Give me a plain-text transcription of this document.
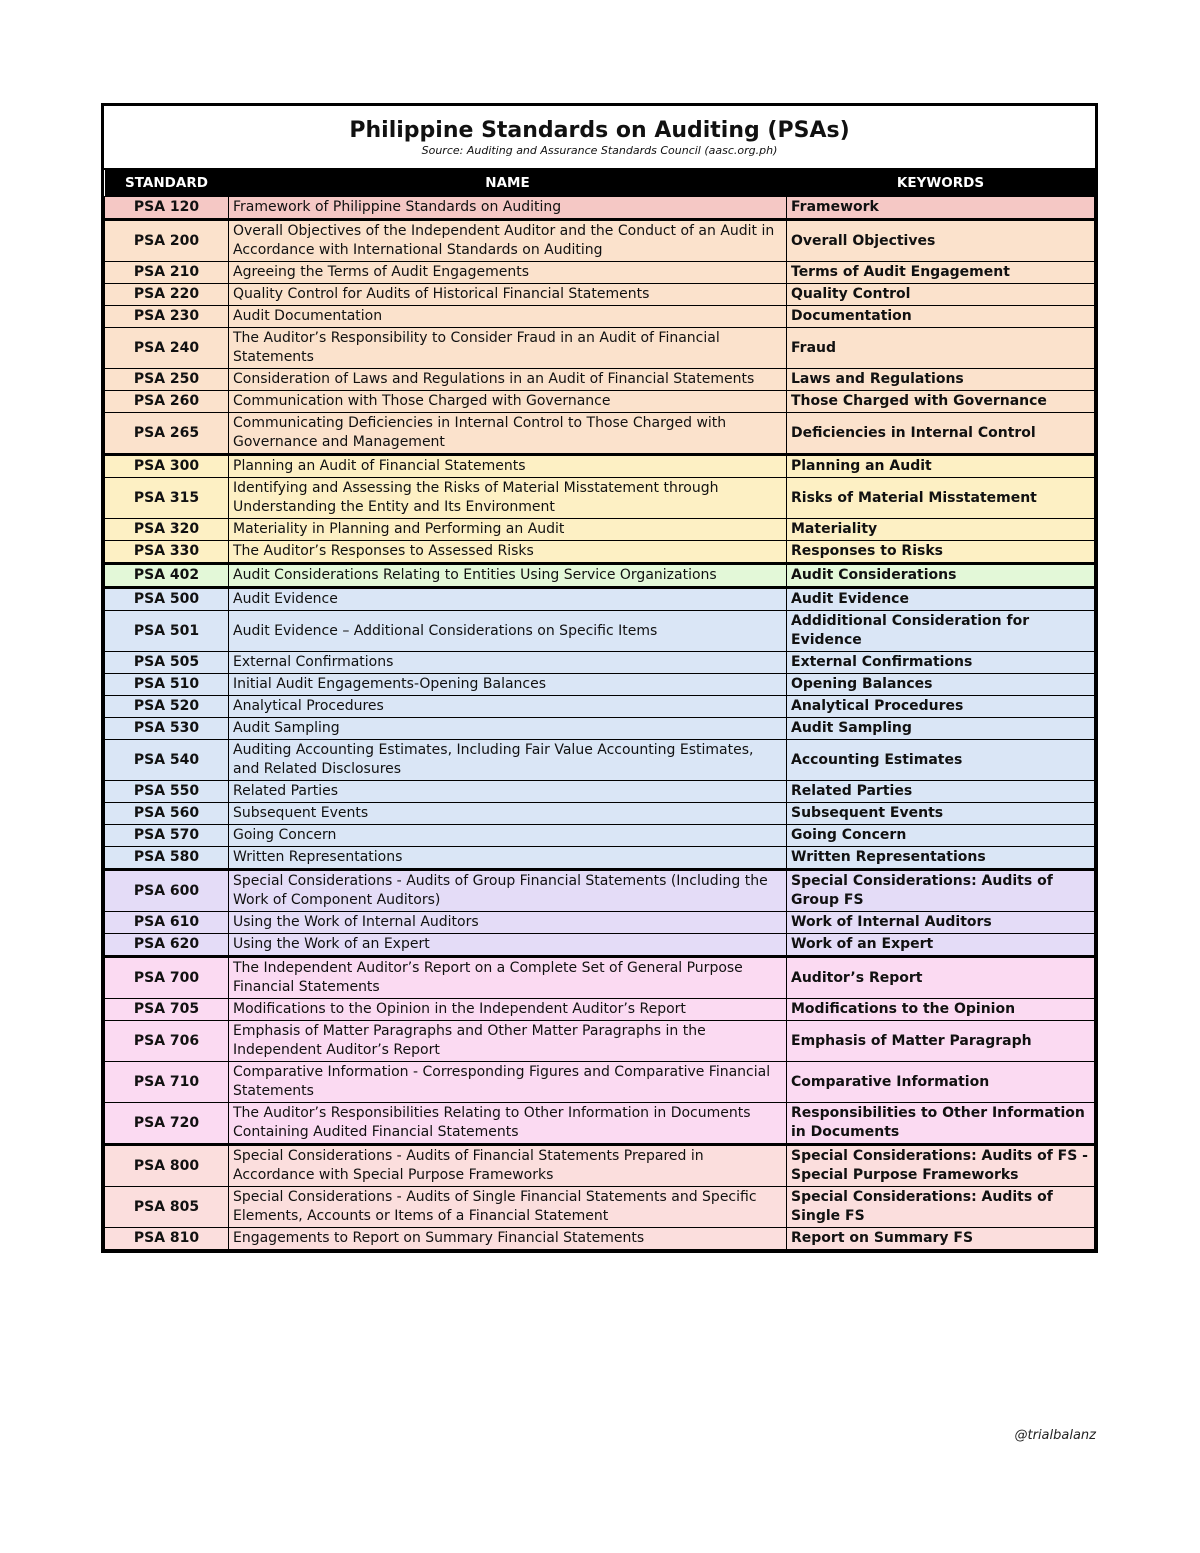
Philippine Standards on Auditing (PSAs)
Source: Auditing and Assurance Standards Council (aasc.org.ph)
STANDARD	NAME	KEYWORDS
PSA 120	Framework of Philippine Standards on Auditing	Framework
PSA 200	Overall Objectives of the Independent Auditor and the Conduct of an Audit in Accordance with International Standards on Auditing	Overall Objectives
PSA 210	Agreeing the Terms of Audit Engagements	Terms of Audit Engagement
PSA 220	Quality Control for Audits of Historical Financial Statements	Quality Control
PSA 230	Audit Documentation	Documentation
PSA 240	The Auditor’s Responsibility to Consider Fraud in an Audit of Financial Statements	Fraud
PSA 250	Consideration of Laws and Regulations in an Audit of Financial Statements	Laws and Regulations
PSA 260	Communication with Those Charged with Governance	Those Charged with Governance
PSA 265	Communicating Deficiencies in Internal Control to Those Charged with Governance and Management	Deficiencies in Internal Control
PSA 300	Planning an Audit of Financial Statements	Planning an Audit
PSA 315	Identifying and Assessing the Risks of Material Misstatement through Understanding the Entity and Its Environment	Risks of Material Misstatement
PSA 320	Materiality in Planning and Performing an Audit	Materiality
PSA 330	The Auditor’s Responses to Assessed Risks	Responses to Risks
PSA 402	Audit Considerations Relating to Entities Using Service Organizations	Audit Considerations
PSA 500	Audit Evidence	Audit Evidence
PSA 501	Audit Evidence – Additional Considerations on Specific Items	Addiditional Consideration for Evidence
PSA 505	External Confirmations	External Confirmations
PSA 510	Initial Audit Engagements-Opening Balances	Opening Balances
PSA 520	Analytical Procedures	Analytical Procedures
PSA 530	Audit Sampling	Audit Sampling
PSA 540	Auditing Accounting Estimates, Including Fair Value Accounting Estimates, and Related Disclosures	Accounting Estimates
PSA 550	Related Parties	Related Parties
PSA 560	Subsequent Events	Subsequent Events
PSA 570	Going Concern	Going Concern
PSA 580	Written Representations	Written Representations
PSA 600	Special Considerations - Audits of Group Financial Statements (Including the Work of Component Auditors)	Special Considerations: Audits of Group FS
PSA 610	Using the Work of Internal Auditors	Work of Internal Auditors
PSA 620	Using the Work of an Expert	Work of an Expert
PSA 700	The Independent Auditor’s Report on a Complete Set of General Purpose Financial Statements	Auditor’s Report
PSA 705	Modifications to the Opinion in the Independent Auditor’s Report	Modifications to the Opinion
PSA 706	Emphasis of Matter Paragraphs and Other Matter Paragraphs in the Independent Auditor’s Report	Emphasis of Matter Paragraph
PSA 710	Comparative Information - Corresponding Figures and Comparative Financial Statements	Comparative Information
PSA 720	The Auditor’s Responsibilities Relating to Other Information in Documents Containing Audited Financial Statements	Responsibilities to Other Information in Documents
PSA 800	Special Considerations - Audits of Financial Statements Prepared in Accordance with Special Purpose Frameworks	Special Considerations: Audits of FS - Special Purpose Frameworks
PSA 805	Special Considerations - Audits of Single Financial Statements and Specific Elements, Accounts or Items of a Financial Statement	Special Considerations: Audits of Single FS
PSA 810	Engagements to Report on Summary Financial Statements	Report on Summary FS
@trialbalanz
